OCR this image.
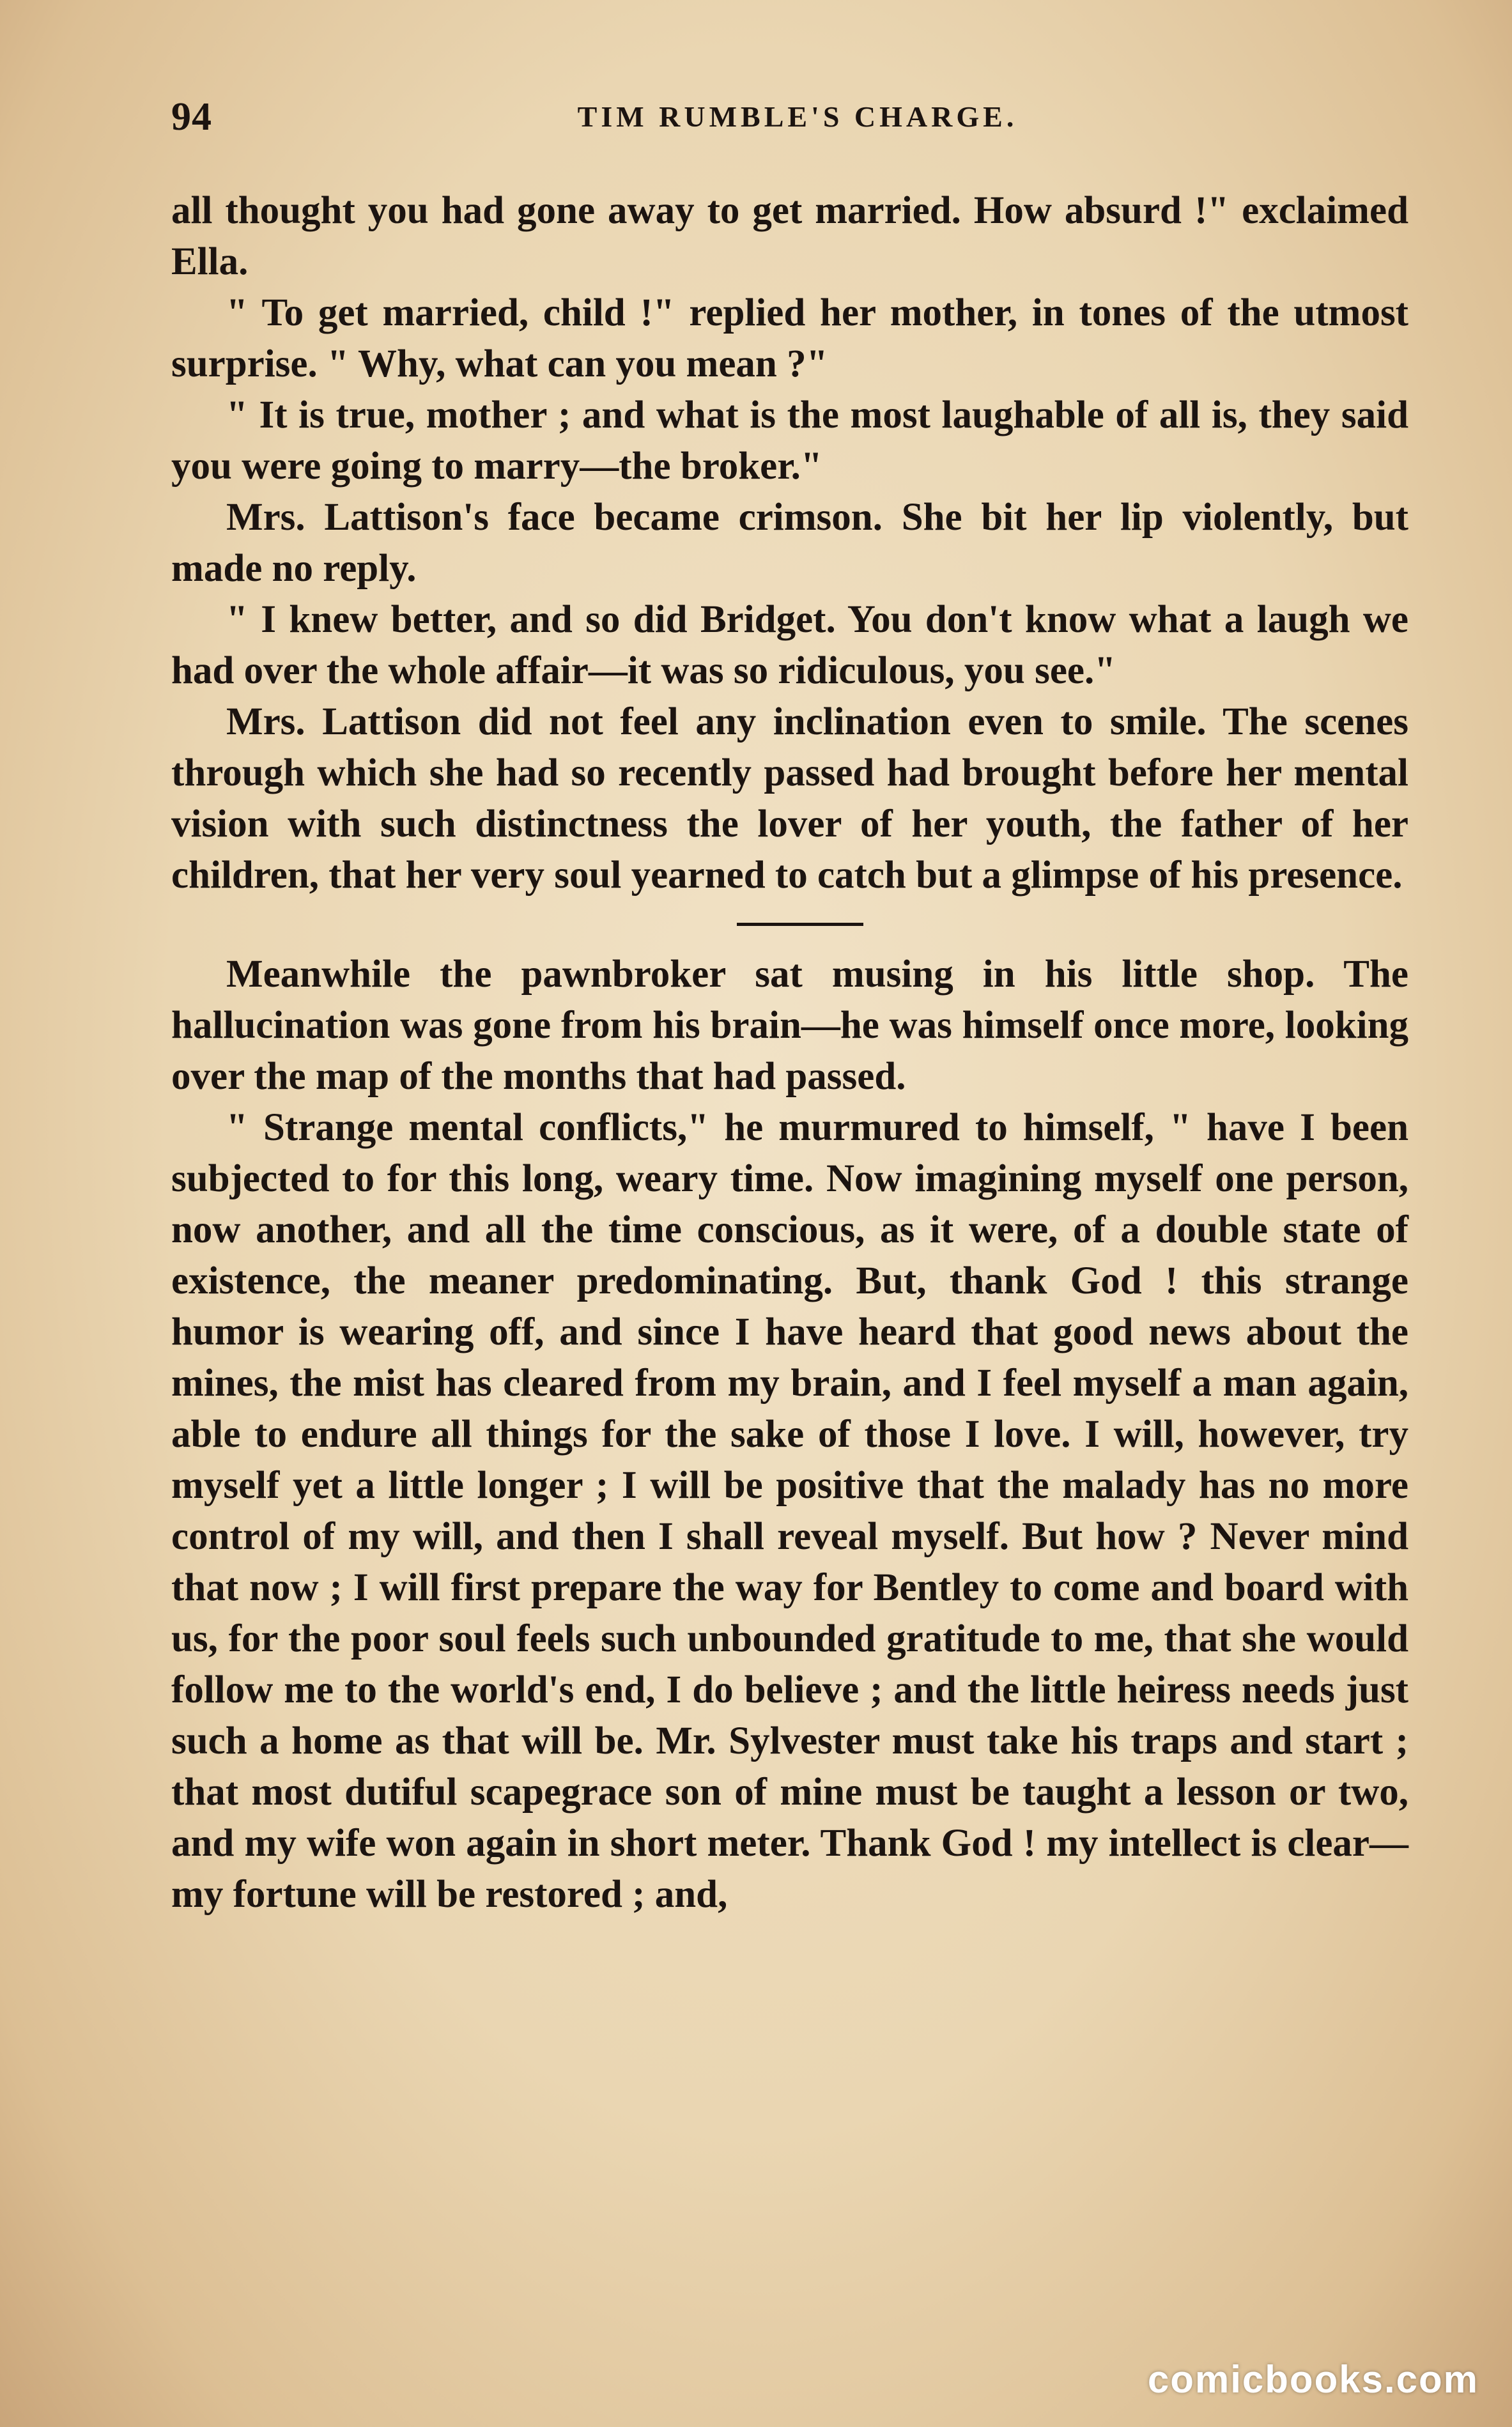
94	TIM RUMBLE'S CHARGE.

all thought you had gone away to get married. How absurd !" exclaimed Ella.

" To get married, child !" replied her mother, in tones of the utmost surprise. " Why, what can you mean ?"

" It is true, mother ; and what is the most laughable of all is, they said you were going to marry—the broker."

Mrs. Lattison's face became crimson. She bit her lip violently, but made no reply.

" I knew better, and so did Bridget. You don't know what a laugh we had over the whole affair—it was so ridiculous, you see."

Mrs. Lattison did not feel any inclination even to smile. The scenes through which she had so recently passed had brought before her mental vision with such distinctness the lover of her youth, the father of her children, that her very soul yearned to catch but a glimpse of his presence.

Meanwhile the pawnbroker sat musing in his little shop. The hallucination was gone from his brain—he was himself once more, looking over the map of the months that had passed.

" Strange mental conflicts," he murmured to himself, " have I been subjected to for this long, weary time. Now imagining myself one person, now another, and all the time conscious, as it were, of a double state of existence, the meaner predominating. But, thank God ! this strange humor is wearing off, and since I have heard that good news about the mines, the mist has cleared from my brain, and I feel myself a man again, able to endure all things for the sake of those I love. I will, however, try myself yet a little longer ; I will be positive that the malady has no more control of my will, and then I shall reveal myself. But how ? Never mind that now ; I will first prepare the way for Bentley to come and board with us, for the poor soul feels such unbounded gratitude to me, that she would follow me to the world's end, I do believe ; and the little heiress needs just such a home as that will be. Mr. Sylvester must take his traps and start ; that most dutiful scapegrace son of mine must be taught a lesson or two, and my wife won again in short meter. Thank God ! my intellect is clear—my fortune will be restored ; and,

comicbooks.com
